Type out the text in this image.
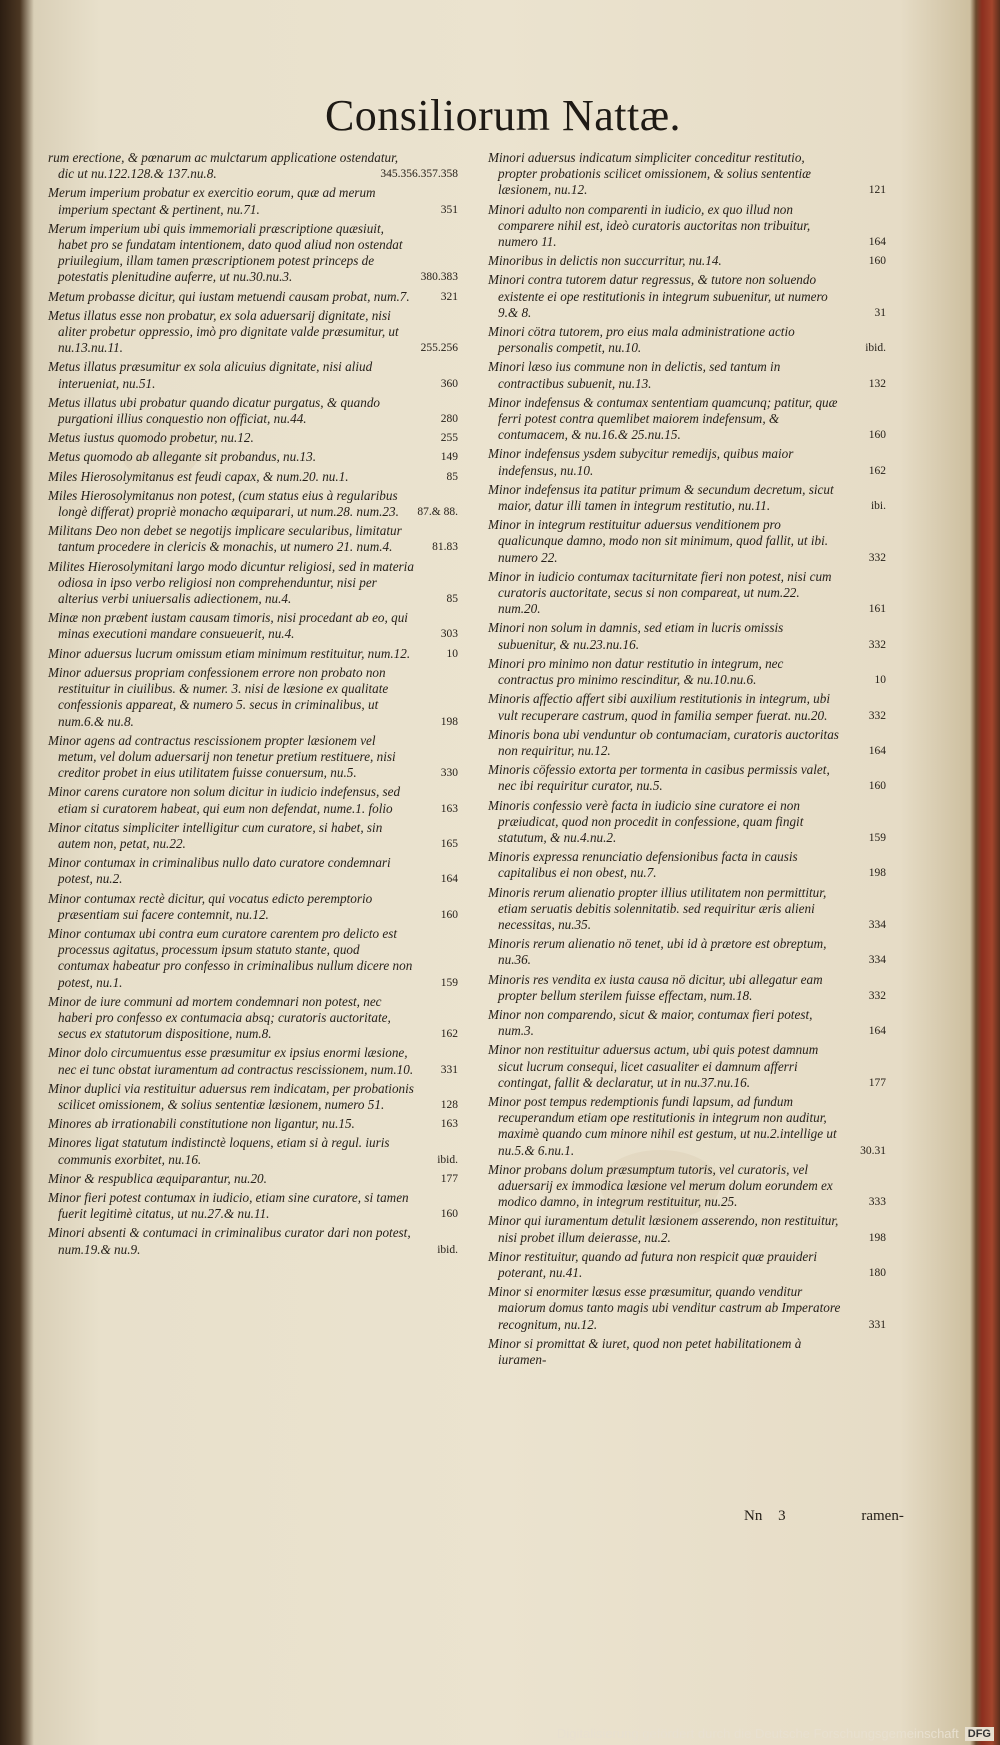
Consiliorum Nattæ.
rum erectione, & pœnarum ac mulctarum applicatione ostendatur, dic ut nu.122.128.& 137.nu.8.	345.356.357.358
Merum imperium probatur ex exercitio eorum, quæ ad merum imperium spectant & pertinent, nu.71.	351
Merum imperium ubi quis immemoriali præscriptione quæsiuit, habet pro se fundatam intentionem, dato quod aliud non ostendat priuilegium, illam tamen præscriptionem potest princeps de potestatis plenitudine auferre, ut nu.30.nu.3.	380.383
Metum probasse dicitur, qui iustam metuendi causam probat, num.7.	321
Metus illatus esse non probatur, ex sola aduersarij dignitate, nisi aliter probetur oppressio, imò pro dignitate valde præsumitur, ut nu.13.nu.11.	255.256
Metus illatus præsumitur ex sola alicuius dignitate, nisi aliud interueniat, nu.51.	360
Metus illatus ubi probatur quando dicatur purgatus, & quando purgationi illius conquestio non officiat, nu.44.	280
Metus iustus quomodo probetur, nu.12.	255
Metus quomodo ab allegante sit probandus, nu.13.	149
Miles Hierosolymitanus est feudi capax, & num.20. nu.1.	85
Miles Hierosolymitanus non potest, (cum status eius à regularibus longè differat) propriè monacho æquiparari, ut num.28. num.23. 87.& 88.
Militans Deo non debet se negotijs implicare secularibus, limitatur tantum procedere in clericis & monachis, ut numero 21. num.4.	81.83
Milites Hierosolymitani largo modo dicuntur religiosi, sed in materia odiosa in ipso verbo religiosi non comprehenduntur, nisi per alterius verbi uniuersalis adiectionem, nu.4.	85
Minæ non præbent iustam causam timoris, nisi procedant ab eo, qui minas executioni mandare consueuerit, nu.4.	303
Minor aduersus lucrum omissum etiam minimum restituitur, num.12.	10
Minor aduersus propriam confessionem errore non probato non restituitur in ciuilibus. & numer. 3. nisi de læsione ex qualitate confessionis appareat, & numero 5. secus in criminalibus, ut num.6.& nu.8.	198
Minor agens ad contractus rescissionem propter læsionem vel metum, vel dolum aduersarij non tenetur pretium restituere, nisi creditor probet in eius utilitatem fuisse conuersum, nu.5.	330
Minor carens curatore non solum dicitur in iudicio indefensus, sed etiam si curatorem habeat, qui eum non defendat, nume.1. folio	163
Minor citatus simpliciter intelligitur cum curatore, si habet, sin autem non, petat, nu.22.	165
Minor contumax in criminalibus nullo dato curatore condemnari potest, nu.2.	164
Minor contumax rectè dicitur, qui vocatus edicto peremptorio præsentiam sui facere contemnit, nu.12.	160
Minor contumax ubi contra eum curatore carentem pro delicto est processus agitatus, processum ipsum statuto stante, quod contumax habeatur pro confesso in criminalibus nullum dicere non potest, nu.1.	159
Minor de iure communi ad mortem condemnari non potest, nec haberi pro confesso ex contumacia absq; curatoris auctoritate, secus ex statutorum dispositione, num.8.	162
Minor dolo circumuentus esse præsumitur ex ipsius enormi læsione, nec ei tunc obstat iuramentum ad contractus rescissionem, num.10. 331
Minor duplici via restituitur aduersus rem indicatam, per probationis scilicet omissionem, & solius sententiæ læsionem, numero 51.	128
Minores ab irrationabili constitutione non ligantur, nu.15.	163
Minores ligat statutum indistinctè loquens, etiam si à regul. iuris communis exorbitet, nu.16.	ibid.
Minor & respublica æquiparantur, nu.20.	177
Minor fieri potest contumax in iudicio, etiam sine curatore, si tamen fuerit legitimè citatus, ut nu.27.& nu.11.	160
Minori absenti & contumaci in criminalibus curator dari non potest, num.19.& nu.9.	ibid.
Minori aduersus indicatum simpliciter conceditur restitutio, propter probationis scilicet omissionem, & solius sententiæ læsionem, nu.12.	121
Minori adulto non comparenti in iudicio, ex quo illud non comparere nihil est, ideò curatoris auctoritas non tribuitur, numero 11.	164
Minoribus in delictis non succurritur, nu.14.	160
Minori contra tutorem datur regressus, & tutore non soluendo existente ei ope restitutionis in integrum subuenitur, ut numero 9.& 8.	31
Minori cötra tutorem, pro eius mala administratione actio personalis competit, nu.10.	ibid.
Minori læso ius commune non in delictis, sed tantum in contractibus subuenit, nu.13.	132
Minor indefensus & contumax sententiam quamcunq; patitur, quæ ferri potest contra quemlibet maiorem indefensum, & contumacem, & nu.16.& 25.nu.15.	160
Minor indefensus ysdem subycitur remedijs, quibus maior indefensus, nu.10.	162
Minor indefensus ita patitur primum & secundum decretum, sicut maior, datur illi tamen in integrum restitutio, nu.11.	ibi.
Minor in integrum restituitur aduersus venditionem pro qualicunque damno, modo non sit minimum, quod fallit, ut ibi. numero 22.	332
Minor in iudicio contumax taciturnitate fieri non potest, nisi cum curatoris auctoritate, secus si non compareat, ut num.22. num.20.	161
Minori non solum in damnis, sed etiam in lucris omissis subuenitur, & nu.23.nu.16.	332
Minori pro minimo non datur restitutio in integrum, nec contractus pro minimo rescinditur, & nu.10.nu.6.	10
Minoris affectio affert sibi auxilium restitutionis in integrum, ubi vult recuperare castrum, quod in familia semper fuerat. nu.20.	332
Minoris bona ubi venduntur ob contumaciam, curatoris auctoritas non requiritur, nu.12.	164
Minoris cöfessio extorta per tormenta in casibus permissis valet, nec ibi requiritur curator, nu.5.	160
Minoris confessio verè facta in iudicio sine curatore ei non præiudicat, quod non procedit in confessione, quam fingit statutum, & nu.4.nu.2.	159
Minoris expressa renunciatio defensionibus facta in causis capitalibus ei non obest, nu.7.	198
Minoris rerum alienatio propter illius utilitatem non permittitur, etiam seruatis debitis solennitatib. sed requiritur æris alieni necessitas, nu.35.	334
Minoris rerum alienatio nö tenet, ubi id à prætore est obreptum, nu.36.	334
Minoris res vendita ex iusta causa nö dicitur, ubi allegatur eam propter bellum sterilem fuisse effectam, num.18.	332
Minor non comparendo, sicut & maior, contumax fieri potest, num.3.	164
Minor non restituitur aduersus actum, ubi quis potest damnum sicut lucrum consequi, licet casualiter ei damnum afferri contingat, fallit & declaratur, ut in nu.37.nu.16.	177
Minor post tempus redemptionis fundi lapsum, ad fundum recuperandum etiam ope restitutionis in integrum non auditur, maximè quando cum minore nihil est gestum, ut nu.2.intellige ut nu.5.& 6.nu.1.	30.31
Minor probans dolum præsumptum tutoris, vel curatoris, vel aduersarij ex immodica læsione vel merum dolum eorundem ex modico damno, in integrum restituitur, nu.25.	333
Minor qui iuramentum detulit læsionem asserendo, non restituitur, nisi probet illum deierasse, nu.2.	198
Minor restituitur, quando ad futura non respicit quæ prauideri poterant, nu.41.	180
Minor si enormiter læsus esse præsumitur, quando venditur maiorum domus tanto magis ubi venditur castrum ab Imperatore recognitum, nu.12.	331
Minor si promittat & iuret, quod non petet habilitationem à iuramen-
Nn 3	ramen-
Digitalisierung gefördert durch die Deutsche Forschungsgemeinschaft DFG
